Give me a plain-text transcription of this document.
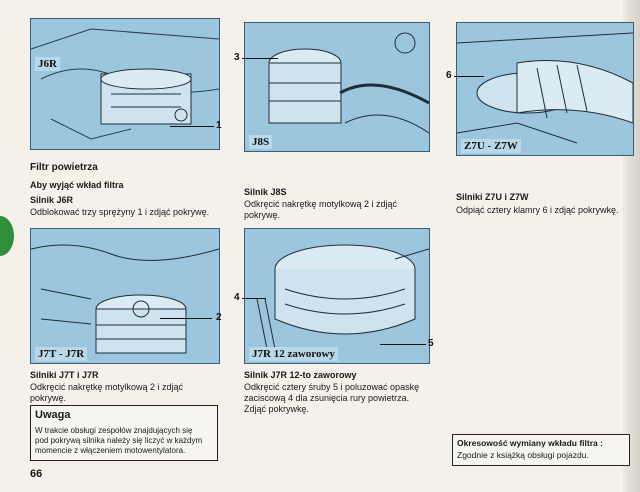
J6R
1
J8S
3
Z7U - Z7W
6
J7T - J7R
2
J7R 12 zaworowy
4
5
Filtr powietrza
Aby wyjąć wkład filtra
Silnik J6R
Odblokować trzy sprężyny 1 i zdjąć pokrywę.
Silnik J8S
Odkręcić nakrętkę motylkową 2 i zdjąć
pokrywę.
Silniki Z7U i Z7W
Odpiąć cztery klamry 6 i zdjąć pokrywkę.
Silniki J7T i J7R
Odkręcić nakrętkę motylkową 2 i zdjąć
pokrywę.
Silnik J7R 12-to zaworowy
Odkręcić cztery śruby 5 i poluzować opaskę
zaciscową 4 dla zsunięcia rury powietrza.
Zdjąć pokrywkę.
Uwaga
W trakcie obsługi zespołów znajdujących się
pod pokrywą silnika należy się liczyć w każdym
momencie z włączeniem motowentylatora.
Okresowość wymiany wkładu filtra :
Zgodnie z książką obsługi pojazdu.
66
